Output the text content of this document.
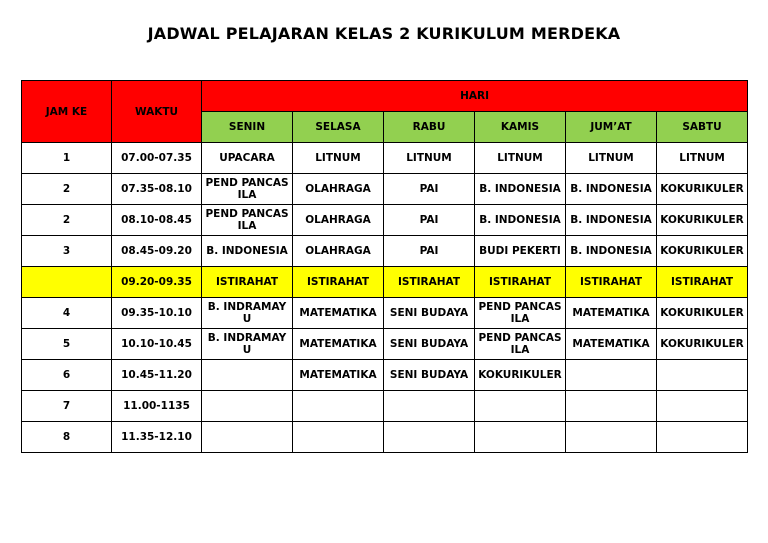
JADWAL PELAJARAN KELAS 2 KURIKULUM MERDEKA
JAM KE	WAKTU	HARI					
		SENIN	SELASA	RABU	KAMIS	JUM’AT	SABTU
1	07.00-07.35	UPACARA	LITNUM	LITNUM	LITNUM	LITNUM	LITNUM
2	07.35-08.10	PEND PANCASILA	OLAHRAGA	PAI	B. INDONESIA	B. INDONESIA	KOKURIKULER
2	08.10-08.45	PEND PANCASILA	OLAHRAGA	PAI	B. INDONESIA	B. INDONESIA	KOKURIKULER
3	08.45-09.20	B. INDONESIA	OLAHRAGA	PAI	BUDI PEKERTI	B. INDONESIA	KOKURIKULER
	09.20-09.35	ISTIRAHAT	ISTIRAHAT	ISTIRAHAT	ISTIRAHAT	ISTIRAHAT	ISTIRAHAT
4	09.35-10.10	B. INDRAMAYU	MATEMATIKA	SENI BUDAYA	PEND PANCASILA	MATEMATIKA	KOKURIKULER
5	10.10-10.45	B. INDRAMAYU	MATEMATIKA	SENI BUDAYA	PEND PANCASILA	MATEMATIKA	KOKURIKULER
6	10.45-11.20		MATEMATIKA	SENI BUDAYA	KOKURIKULER		
7	11.00-1135						
8	11.35-12.10						
